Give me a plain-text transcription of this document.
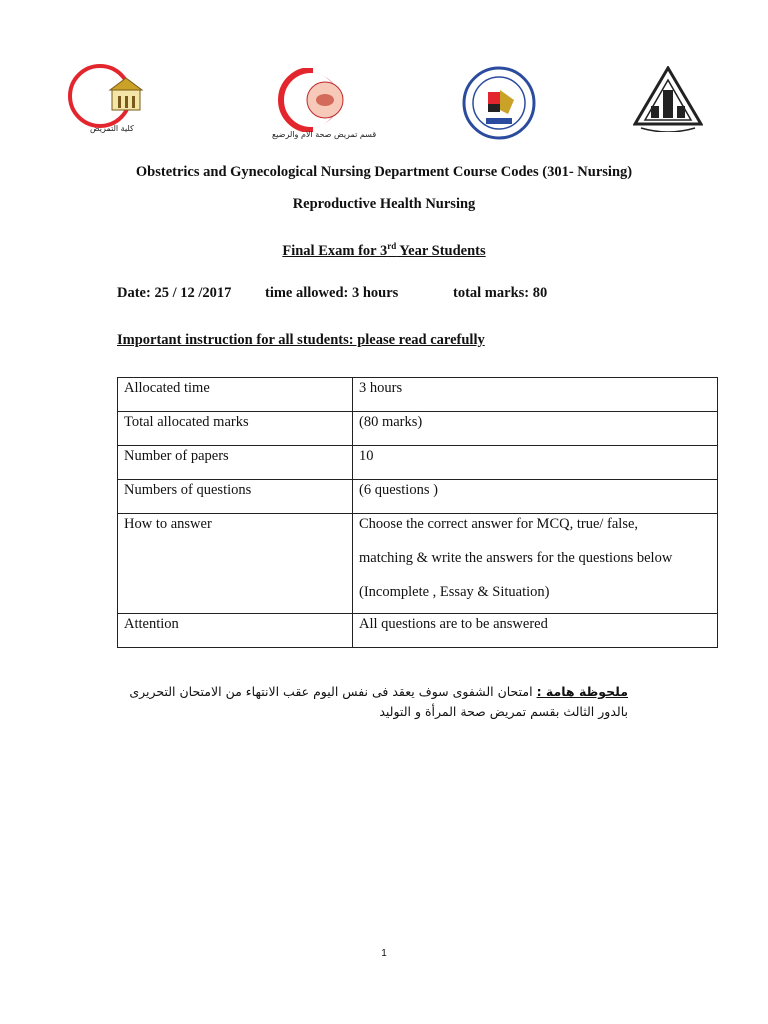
كلية التمريض
قسم تمريض صحة الام والرضيع
Obstetrics and Gynecological Nursing Department Course Codes (301- Nursing)
Reproductive Health Nursing
Final Exam for 3rd Year Students
Date: 25 / 12 /2017 time allowed: 3 hours	total marks: 80
Important instruction for all students: please read carefully
Allocated time	3 hours
Total allocated marks	(80 marks)
Number of papers	10
Numbers of questions	(6 questions )
How to answer	Choose the correct answer for MCQ, true/ false,
matching & write the answers for the questions below
(Incomplete , Essay & Situation)

Attention	All questions are to be answered
ملحوظة هامة : امتحان الشفوى سوف يعقد فى نفس اليوم عقب الانتهاء من الامتحان التحريرى بالدور الثالث بقسم تمريض صحة المرأة و التوليد
1
